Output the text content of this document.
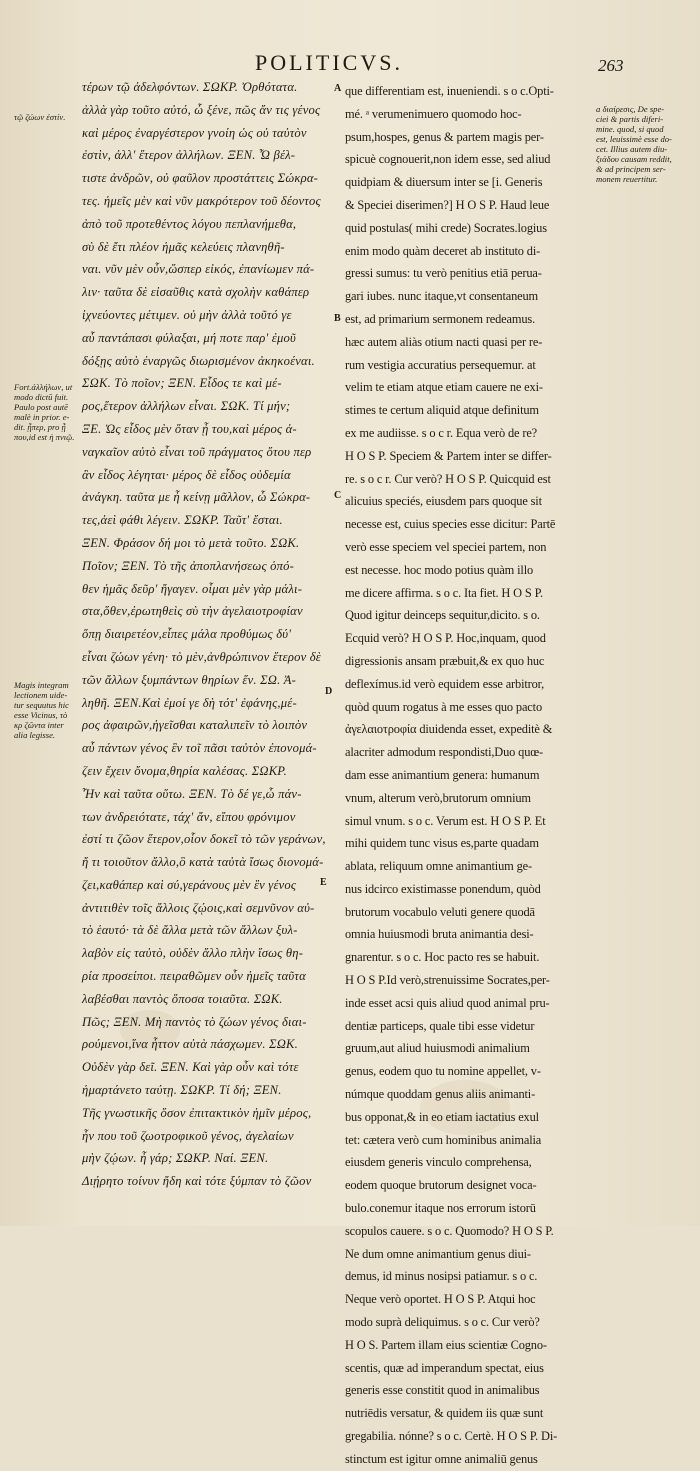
POLITICVS.	263
τῷ ζώων ἐστίν.
Fort.ἀλλήλων, ut
modo dictū fuit.
Paulo post autē
malè in prior. e-
dit. ᾗπερ, pro ᾗ
που,id est ἡ πνιῷ.
Magis integram
lectionem uide-
tur sequutus hic
esse Vicinus, τὸ
κρ ζῶντα inter
alia legisse.
a διαίρεσις, De spe-
ciei & partis diferi-
mine. quod, si quod
est, leuissimè esse do-
cet. Illius autem diu-
ξιάδου causam reddit,
& ad principem ser-
monem reuertitur.
A
B
C
D
E
τέρων τῷ ἀδελφόντων. ΣΩΚΡ. Ὀρθότατα.
ἀλλὰ γὰρ τοῦτο αὐτό, ὦ ξένε, πῶς ἄν τις γένος
καὶ μέρος ἐναργέστερον γνοίη ὡς οὐ ταὐτὸν
ἐστὶν, ἀλλ' ἕτερον ἀλλήλων. ΞΕΝ. Ὦ βέλ-
τιστε ἀνδρῶν, οὐ φαῦλον προστάττεις Σώκρα-
τες. ἡμεῖς μὲν καὶ νῦν μακρότερον τοῦ δέοντος
ἀπὸ τοῦ προτεθέντος λόγου πεπλανήμεθα,
σὺ δὲ ἔτι πλέον ἡμᾶς κελεύεις πλανηθῆ-
ναι. νῦν μὲν οὖν,ὥσπερ εἰκός, ἐπανίωμεν πά-
λιν· ταῦτα δὲ εἰσαῦθις κατὰ σχολὴν καθάπερ
ἰχνεύοντες μέτιμεν. οὐ μὴν ἀλλὰ τοῦτό γε
αὖ παντάπασι φύλαξαι, μή ποτε παρ' ἐμοῦ
δόξῃς αὐτὸ ἐναργῶς διωρισμένον ἀκηκοέναι.
ΣΩΚ. Τὸ ποῖον; ΞΕΝ. Εἶδος τε καὶ μέ-
ρος,ἕτερον ἀλλήλων εἶναι. ΣΩΚ. Τί μήν;
ΞΕ. Ὡς εἶδος μὲν ὅταν ᾖ του,καὶ μέρος ἀ-
ναγκαῖον αὐτὸ εἶναι τοῦ πράγματος ὅτου περ
ἂν εἶδος λέγηται· μέρος δὲ εἶδος οὐδεμία
ἀνάγκη. ταῦτα με ἦ κείνῃ μᾶλλον, ὦ Σώκρα-
τες,ἀεὶ φάθι λέγειν. ΣΩΚΡ. Ταῦτ' ἔσται.
ΞΕΝ. Φράσον δή μοι τὸ μετὰ τοῦτο. ΣΩΚ.
Ποῖον; ΞΕΝ. Τὸ τῆς ἀποπλανήσεως ὁπό-
θεν ἡμᾶς δεῦρ' ἤγαγεν. οἶμαι μὲν γὰρ μάλι-
στα,ὅθεν,ἐρωτηθεὶς σὺ τὴν ἀγελαιοτροφίαν
ὅπῃ διαιρετέον,εἶπες μάλα προθύμως δύ'
εἶναι ζώων γένη· τὸ μὲν,ἀνθρώπινον ἕτερον δὲ
τῶν ἄλλων ξυμπάντων θηρίων ἕν. ΣΩ. Ἀ-
ληθῆ. ΞΕΝ.Καὶ ἐμοί γε δὴ τότ' ἐφάνης,μέ-
ρος ἀφαιρῶν,ἡγεῖσθαι καταλιπεῖν τὸ λοιπὸν
αὖ πάντων γένος ἓν τοῖ πᾶσι ταὐτὸν ἐπονομά-
ζειν ἔχειν ὄνομα,θηρία καλέσας. ΣΩΚΡ.
Ἦν καὶ ταῦτα οὕτω. ΞΕΝ. Τὸ δέ γε,ὦ πάν-
των ἀνδρειότατε, τάχ' ἄν, εἴπου φρόνιμον
ἐστί τι ζῶον ἕτερον,οἷον δοκεῖ τὸ τῶν γεράνων,
ἤ τι τοιοῦτον ἄλλο,ὃ κατὰ ταὐτὰ ἴσως διονομά-
ζει,καθάπερ καὶ σύ,γεράνους μὲν ἓν γένος
ἀντιτιθὲν τοῖς ἄλλοις ζῴοις,καὶ σεμνῦνον αὐ-
τὸ ἑαυτό· τὰ δὲ ἄλλα μετὰ τῶν ἄλλων ξυλ-
λαβὸν εἰς ταὐτὸ, οὐδὲν ἄλλο πλὴν ἴσως θη-
ρία προσείποι. πειραθῶμεν οὖν ἡμεῖς ταῦτα
λαβέσθαι παντὸς ὅποσα τοιαῦτα. ΣΩΚ.
Πῶς; ΞΕΝ. Μὴ παντὸς τὸ ζώων γένος διαι-
ρούμενοι,ἵνα ἧττον αὐτὰ πάσχωμεν. ΣΩΚ.
Οὐδὲν γὰρ δεῖ. ΞΕΝ. Καὶ γὰρ οὖν καὶ τότε
ἡμαρτάνετο ταύτῃ. ΣΩΚΡ. Τί δή; ΞΕΝ.
Τῆς γνωστικῆς ὅσον ἐπιτακτικὸν ἡμῖν μέρος,
ἦν που τοῦ ζωοτροφικοῦ γένος, ἀγελαίων
μὴν ζῴων. ἦ γάρ; ΣΩΚΡ. Ναί. ΞΕΝ.
Διῄρητο τοίνυν ἤδη καὶ τότε ξύμπαν τὸ ζῶον
que differentiam est, inueniendi. s o c.Opti-
mé. ᵃ verumenimuero quomodo hoc-
psum,hospes, genus & partem magis per-
spicuè cognouerit,non idem esse, sed aliud
quidpiam & diuersum inter se [i. Generis
& Speciei diserimen?] H O S P. Haud leue
quid postulas( mihi crede) Socrates.logius
enim modo quàm deceret ab instituto di-
gressi sumus: tu verò penitius etiā perua-
gari iubes. nunc itaque,vt consentaneum
est, ad primarium sermonem redeamus.
hæc autem aliàs otium nacti quasi per re-
rum vestigia accuratius persequemur. at
velim te etiam atque etiam cauere ne exi-
stimes te certum aliquid atque definitum
ex me audiisse. s o c r. Equa verò de re?
H O S P. Speciem & Partem inter se differ-
re. s o c r. Cur verò? H O S P. Quicquid est
alicuius speciés, eiusdem pars quoque sit
necesse est, cuius species esse dicitur: Partē
verò esse speciem vel speciei partem, non
est necesse. hoc modo potius quàm illo
me dicere affirma. s o c. Ita fiet. H O S P.
Quod igitur deinceps sequitur,dicito. s o.
Ecquid verò? H O S P. Hoc,inquam, quod
digressionis ansam præbuit,& ex quo huc
deflexímus.id verò equidem esse arbitror,
quòd quum rogatus à me esses quo pacto
ἀγελαιοτροφία diuidenda esset, expeditè &
alacriter admodum respondisti,Duo quœ-
dam esse animantium genera: humanum
vnum, alterum verò,brutorum omnium
simul vnum. s o c. Verum est. H O S P. Et
mihi quidem tunc visus es,parte quadam
ablata, reliquum omne animantium ge-
nus idcirco existimasse ponendum, quòd
brutorum vocabulo veluti genere quodā
omnia huiusmodi bruta animantia desi-
gnarentur. s o c. Hoc pacto res se habuit.
H O S P.Id verò,strenuissime Socrates,per-
inde esset acsi quis aliud quod animal pru-
dentiæ particeps, quale tibi esse videtur
gruum,aut aliud huiusmodi animalium
genus, eodem quo tu nomine appellet, v-
númque quoddam genus aliis animanti-
bus opponat,& in eo etiam iactatius exul
tet: cætera verò cum hominibus animalia
eiusdem generis vinculo comprehensa,
eodem quoque brutorum designet voca-
bulo.conemur itaque nos errorum istorū
scopulos cauere. s o c. Quomodo? H O S P.
Ne dum omne animantium genus diui-
demus, id minus nosipsi patiamur. s o c.
Neque verò oportet. H O S P. Atqui hoc
modo suprà deliquimus. s o c. Cur verò?
H O S. Partem illam eius scientiæ Cogno-
scentis, quæ ad imperandum spectat, eius
generis esse constitit quod in animalibus
nutriēdis versatur, & quidem iis quæ sunt
gregabilia. nónne? s o c. Certè. H O S P. Di-
stinctum est igitur omne animaliū genus
